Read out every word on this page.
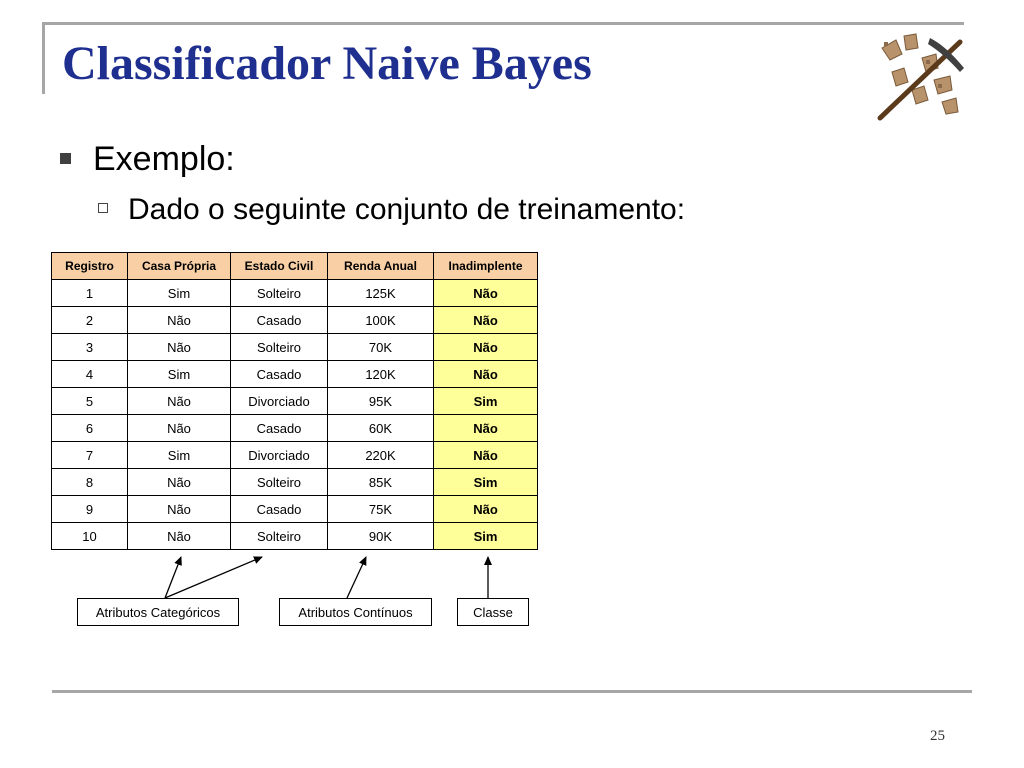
Classificador Naive Bayes
Exemplo:
Dado o seguinte conjunto de treinamento:
Registro	Casa Própria	Estado Civil	Renda Anual	Inadimplente
1	Sim	Solteiro	125K	Não
2	Não	Casado	100K	Não
3	Não	Solteiro	70K	Não
4	Sim	Casado	120K	Não
5	Não	Divorciado	95K	Sim
6	Não	Casado	60K	Não
7	Sim	Divorciado	220K	Não
8	Não	Solteiro	85K	Sim
9	Não	Casado	75K	Não
10	Não	Solteiro	90K	Sim
Atributos Categóricos	Atributos Contínuos	Classe
25
